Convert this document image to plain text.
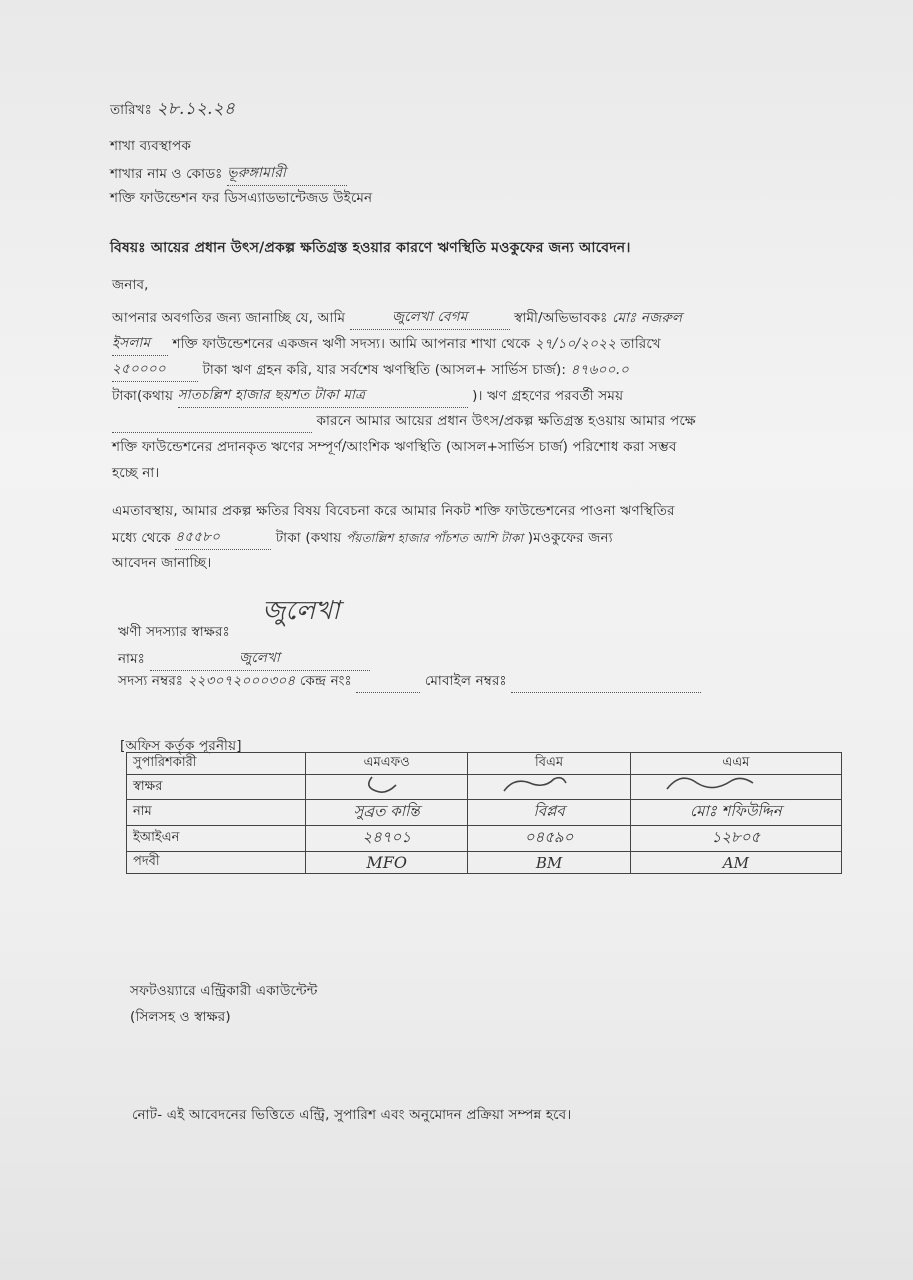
তারিখঃ ২৮.১২.২৪
শাখা ব্যবস্থাপক
শাখার নাম ও কোডঃ ভূরুঙ্গামারী
শক্তি ফাউন্ডেশন ফর ডিসএ্যাডভান্টেজড উইমেন
বিষয়ঃ আয়ের প্রধান উৎস/প্রকল্প ক্ষতিগ্রস্ত হওয়ার কারণে ঋণস্থিতি মওকুফের জন্য আবেদন।
জনাব,
আপনার অবগতির জন্য জানাচ্ছি যে, আমি	জুলেখা বেগম	স্বামী/অভিভাবকঃ মোঃ নজরুল
ইসলাম শক্তি ফাউন্ডেশনের একজন ঋণী সদস্য। আমি আপনার শাখা থেকে ২৭/১০/২০২২ তারিখে
২৫০০০০	টাকা ঋণ গ্রহন করি, যার সর্বশেষ ঋণস্থিতি (আসল+ সার্ভিস চার্জ): ৪৭৬০০.০
টাকা(কথায় সাতচল্লিশ হাজার ছয়শত টাকা মাত্র	)। ঋণ গ্রহণের পরবর্তী সময়
কারনে আমার আয়ের প্রধান উৎস/প্রকল্প ক্ষতিগ্রস্ত হওয়ায় আমার পক্ষে
শক্তি ফাউন্ডেশনের প্রদানকৃত ঋণের সম্পূর্ণ/আংশিক ঋণস্থিতি (আসল+সার্ভিস চার্জ) পরিশোধ করা সম্ভব
হচ্ছে না।
এমতাবস্থায়, আমার প্রকল্প ক্ষতির বিষয় বিবেচনা করে আমার নিকট শক্তি ফাউন্ডেশনের পাওনা ঋণস্থিতির
মধ্যে থেকে ৪৫৫৮০	টাকা (কথায় পঁয়তাল্লিশ হাজার পাঁচশত আশি টাকা )মওকুফের জন্য
আবেদন জানাচ্ছি।
জুলেখা
ঋণী সদস্যার স্বাক্ষরঃ
নামঃ	জুলেখা
সদস্য নম্বরঃ ২২৩০৭২০০০৩০৪ কেন্দ্র নংঃ	মোবাইল নম্বরঃ
[অফিস কর্তৃক পূরনীয়]
সুপারিশকারী	এমএফও	বিএম	এএম
স্বাক্ষর			
নাম	সুব্রত কান্তি	বিপ্লব	মোঃ শফিউদ্দিন
ইআইএন	২৪৭০১	০৪৫৯০	১২৮০৫
পদবী	MFO	BM	AM
সফটওয়্যারে এন্ট্রিকারী একাউন্টেন্ট
(সিলসহ ও স্বাক্ষর)
নোট- এই আবেদনের ভিত্তিতে এন্ট্রি, সুপারিশ এবং অনুমোদন প্রক্রিয়া সম্পন্ন হবে।
